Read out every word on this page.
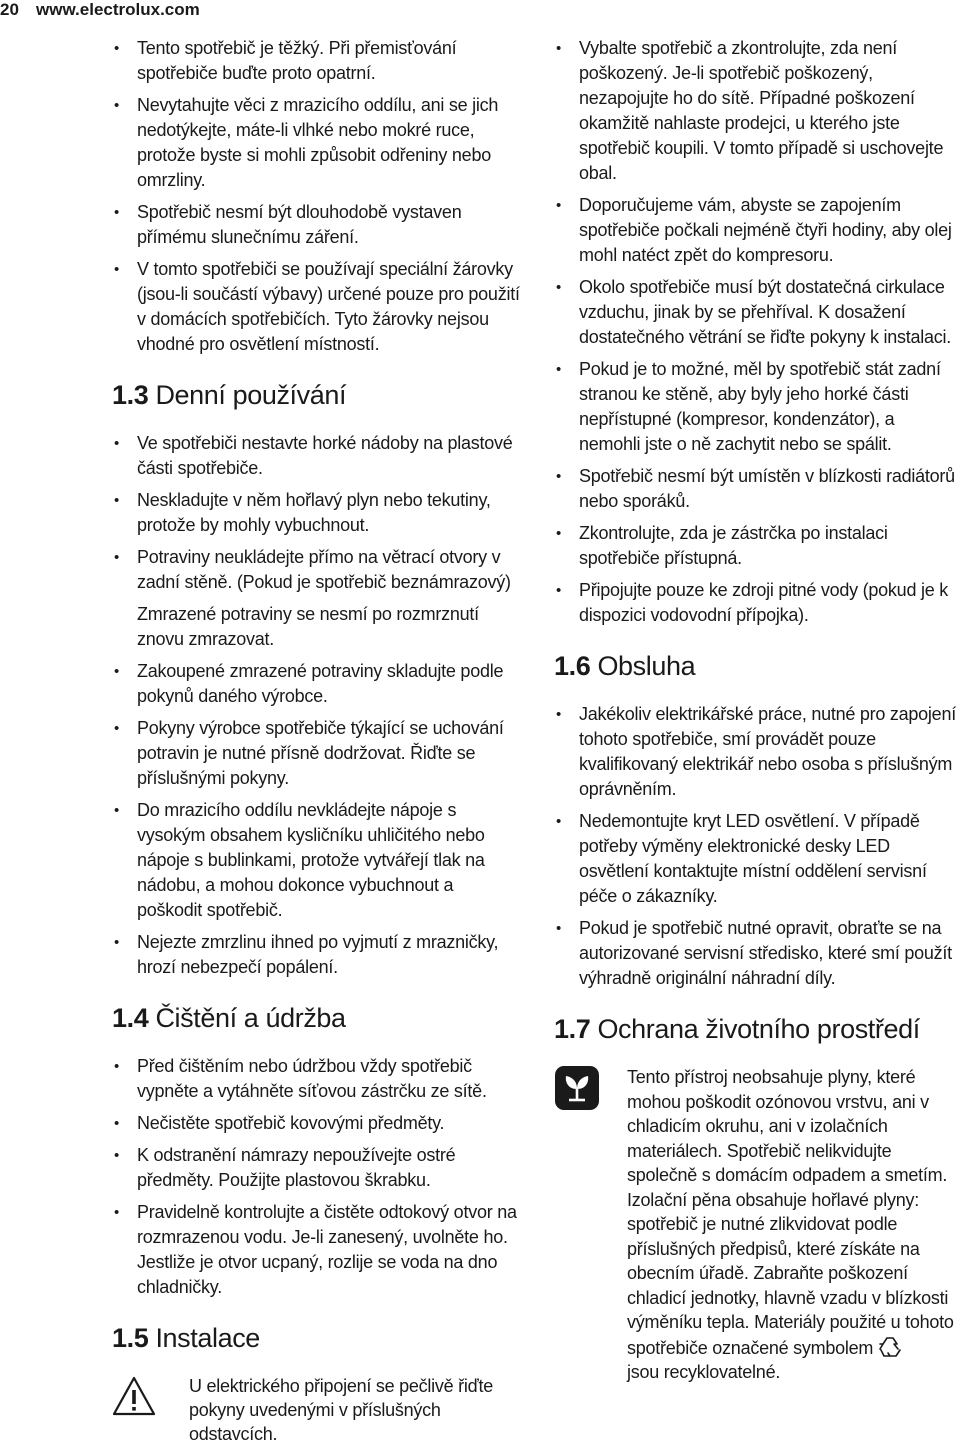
20 www.electrolux.com
• Tento spotřebič je těžký. Při přemisťování spotřebiče buďte proto opatrní.
• Nevytahujte věci z mrazicího oddílu, ani se jich nedotýkejte, máte-li vlhké nebo mokré ruce, protože byste si mohli způsobit odřeniny nebo omrzliny.
• Spotřebič nesmí být dlouhodobě vystaven přímému slunečnímu záření.
• V tomto spotřebiči se používají speciální žárovky (jsou-li součástí výbavy) určené pouze pro použití v domácích spotřebičích. Tyto žárovky nejsou vhodné pro osvětlení místností.
1.3 Denní používání
• Ve spotřebiči nestavte horké nádoby na plastové části spotřebiče.
• Neskladujte v něm hořlavý plyn nebo tekutiny, protože by mohly vybuchnout.
• Potraviny neukládejte přímo na větrací otvory v zadní stěně. (Pokud je spotřebič beznámrazový)
Zmrazené potraviny se nesmí po rozmrznutí znovu zmrazovat.
• Zakoupené zmrazené potraviny skladujte podle pokynů daného výrobce.
• Pokyny výrobce spotřebiče týkající se uchování potravin je nutné přísně dodržovat. Řiďte se příslušnými pokyny.
• Do mrazicího oddílu nevkládejte nápoje s vysokým obsahem kysličníku uhličitého nebo nápoje s bublinkami, protože vytvářejí tlak na nádobu, a mohou dokonce vybuchnout a poškodit spotřebič.
• Nejezte zmrzlinu ihned po vyjmutí z mrazničky, hrozí nebezpečí popálení.
1.4 Čištění a údržba
• Před čištěním nebo údržbou vždy spotřebič vypněte a vytáhněte síťovou zástrčku ze sítě.
• Nečistěte spotřebič kovovými předměty.
• K odstranění námrazy nepoužívejte ostré předměty. Použijte plastovou škrabku.
• Pravidelně kontrolujte a čistěte odtokový otvor na rozmrazenou vodu. Je-li zanesený, uvolněte ho. Jestliže je otvor ucpaný, rozlije se voda na dno chladničky.
1.5 Instalace
U elektrického připojení se pečlivě řiďte pokyny uvedenými v příslušných odstavcích.
• Vybalte spotřebič a zkontrolujte, zda není poškozený. Je-li spotřebič poškozený, nezapojujte ho do sítě. Případné poškození okamžitě nahlaste prodejci, u kterého jste spotřebič koupili. V tomto případě si uschovejte obal.
• Doporučujeme vám, abyste se zapojením spotřebiče počkali nejméně čtyři hodiny, aby olej mohl natéct zpět do kompresoru.
• Okolo spotřebiče musí být dostatečná cirkulace vzduchu, jinak by se přehříval. K dosažení dostatečného větrání se řiďte pokyny k instalaci.
• Pokud je to možné, měl by spotřebič stát zadní stranou ke stěně, aby byly jeho horké části nepřístupné (kompresor, kondenzátor), a nemohli jste o ně zachytit nebo se spálit.
• Spotřebič nesmí být umístěn v blízkosti radiátorů nebo sporáků.
• Zkontrolujte, zda je zástrčka po instalaci spotřebiče přístupná.
• Připojujte pouze ke zdroji pitné vody (pokud je k dispozici vodovodní přípojka).
1.6 Obsluha
• Jakékoliv elektrikářské práce, nutné pro zapojení tohoto spotřebiče, smí provádět pouze kvalifikovaný elektrikář nebo osoba s příslušným oprávněním.
• Nedemontujte kryt LED osvětlení. V případě potřeby výměny elektronické desky LED osvětlení kontaktujte místní oddělení servisní péče o zákazníky.
• Pokud je spotřebič nutné opravit, obraťte se na autorizované servisní středisko, které smí použít výhradně originální náhradní díly.
1.7 Ochrana životního prostředí
Tento přístroj neobsahuje plyny, které mohou poškodit ozónovou vrstvu, ani v chladicím okruhu, ani v izolačních materiálech. Spotřebič nelikvidujte společně s domácím odpadem a smetím. Izolační pěna obsahuje hořlavé plyny: spotřebič je nutné zlikvidovat podle příslušných předpisů, které získáte na obecním úřadě. Zabraňte poškození chladicí jednotky, hlavně vzadu v blízkosti výměníku tepla. Materiály použité u tohoto spotřebiče označené symbolem
jsou recyklovatelné.
